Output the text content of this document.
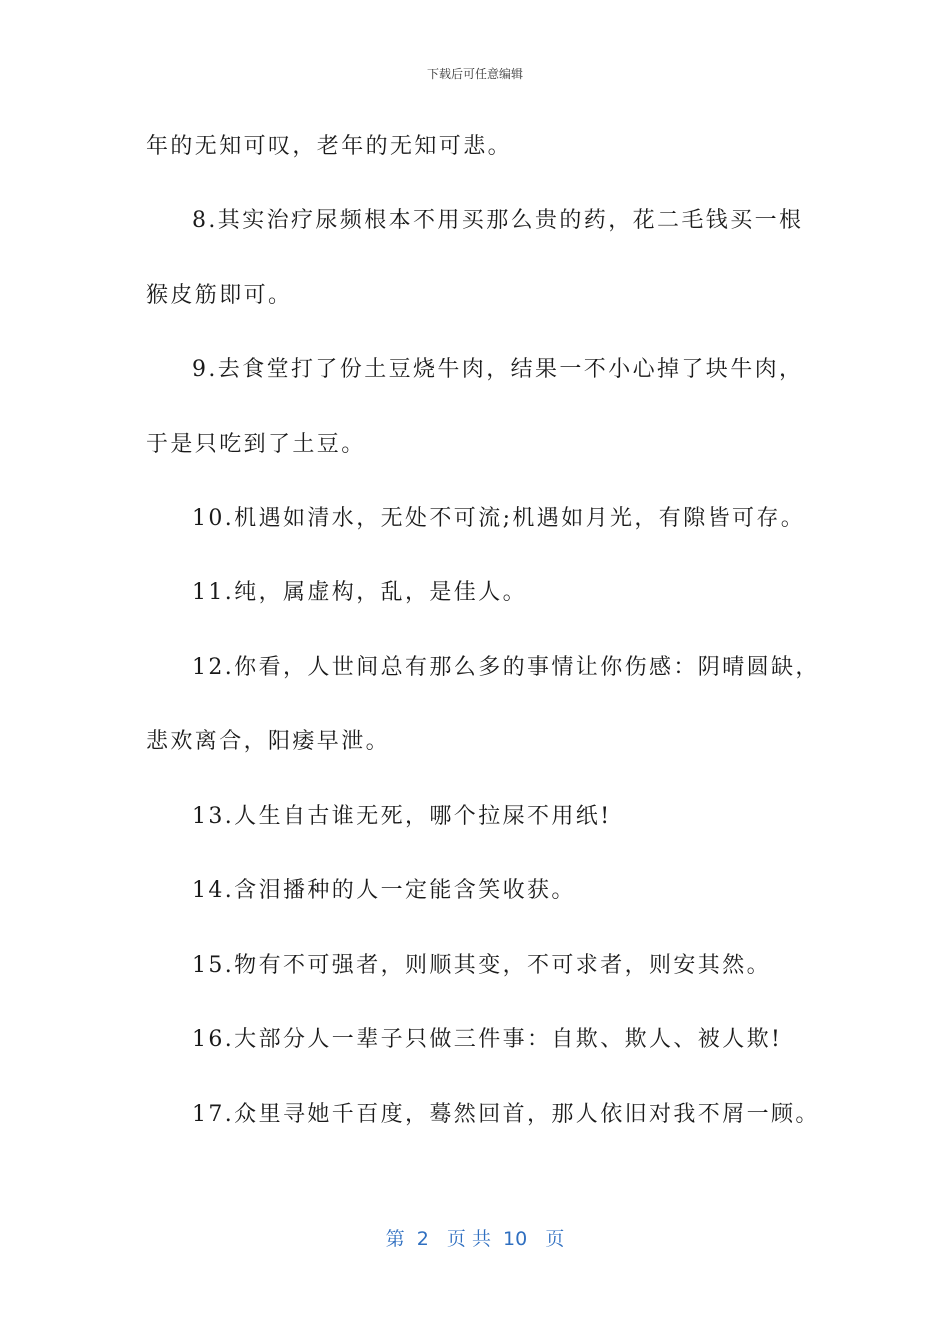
下载后可任意编辑
年的无知可叹，老年的无知可悲。
8.其实治疗尿频根本不用买那么贵的药，花二毛钱买一根
猴皮筋即可。
9.去食堂打了份土豆烧牛肉，结果一不小心掉了块牛肉，
于是只吃到了土豆。
10.机遇如清水，无处不可流;机遇如月光，有隙皆可存。
11.纯，属虚构，乱，是佳人。
12.你看，人世间总有那么多的事情让你伤感：阴晴圆缺，
悲欢离合，阳痿早泄。
13.人生自古谁无死，哪个拉屎不用纸!
14.含泪播种的人一定能含笑收获。
15.物有不可强者，则顺其变，不可求者，则安其然。
16.大部分人一辈子只做三件事：自欺、欺人、被人欺!
17.众里寻她千百度，蓦然回首，那人依旧对我不屑一顾。
第  2   页 共  10   页
